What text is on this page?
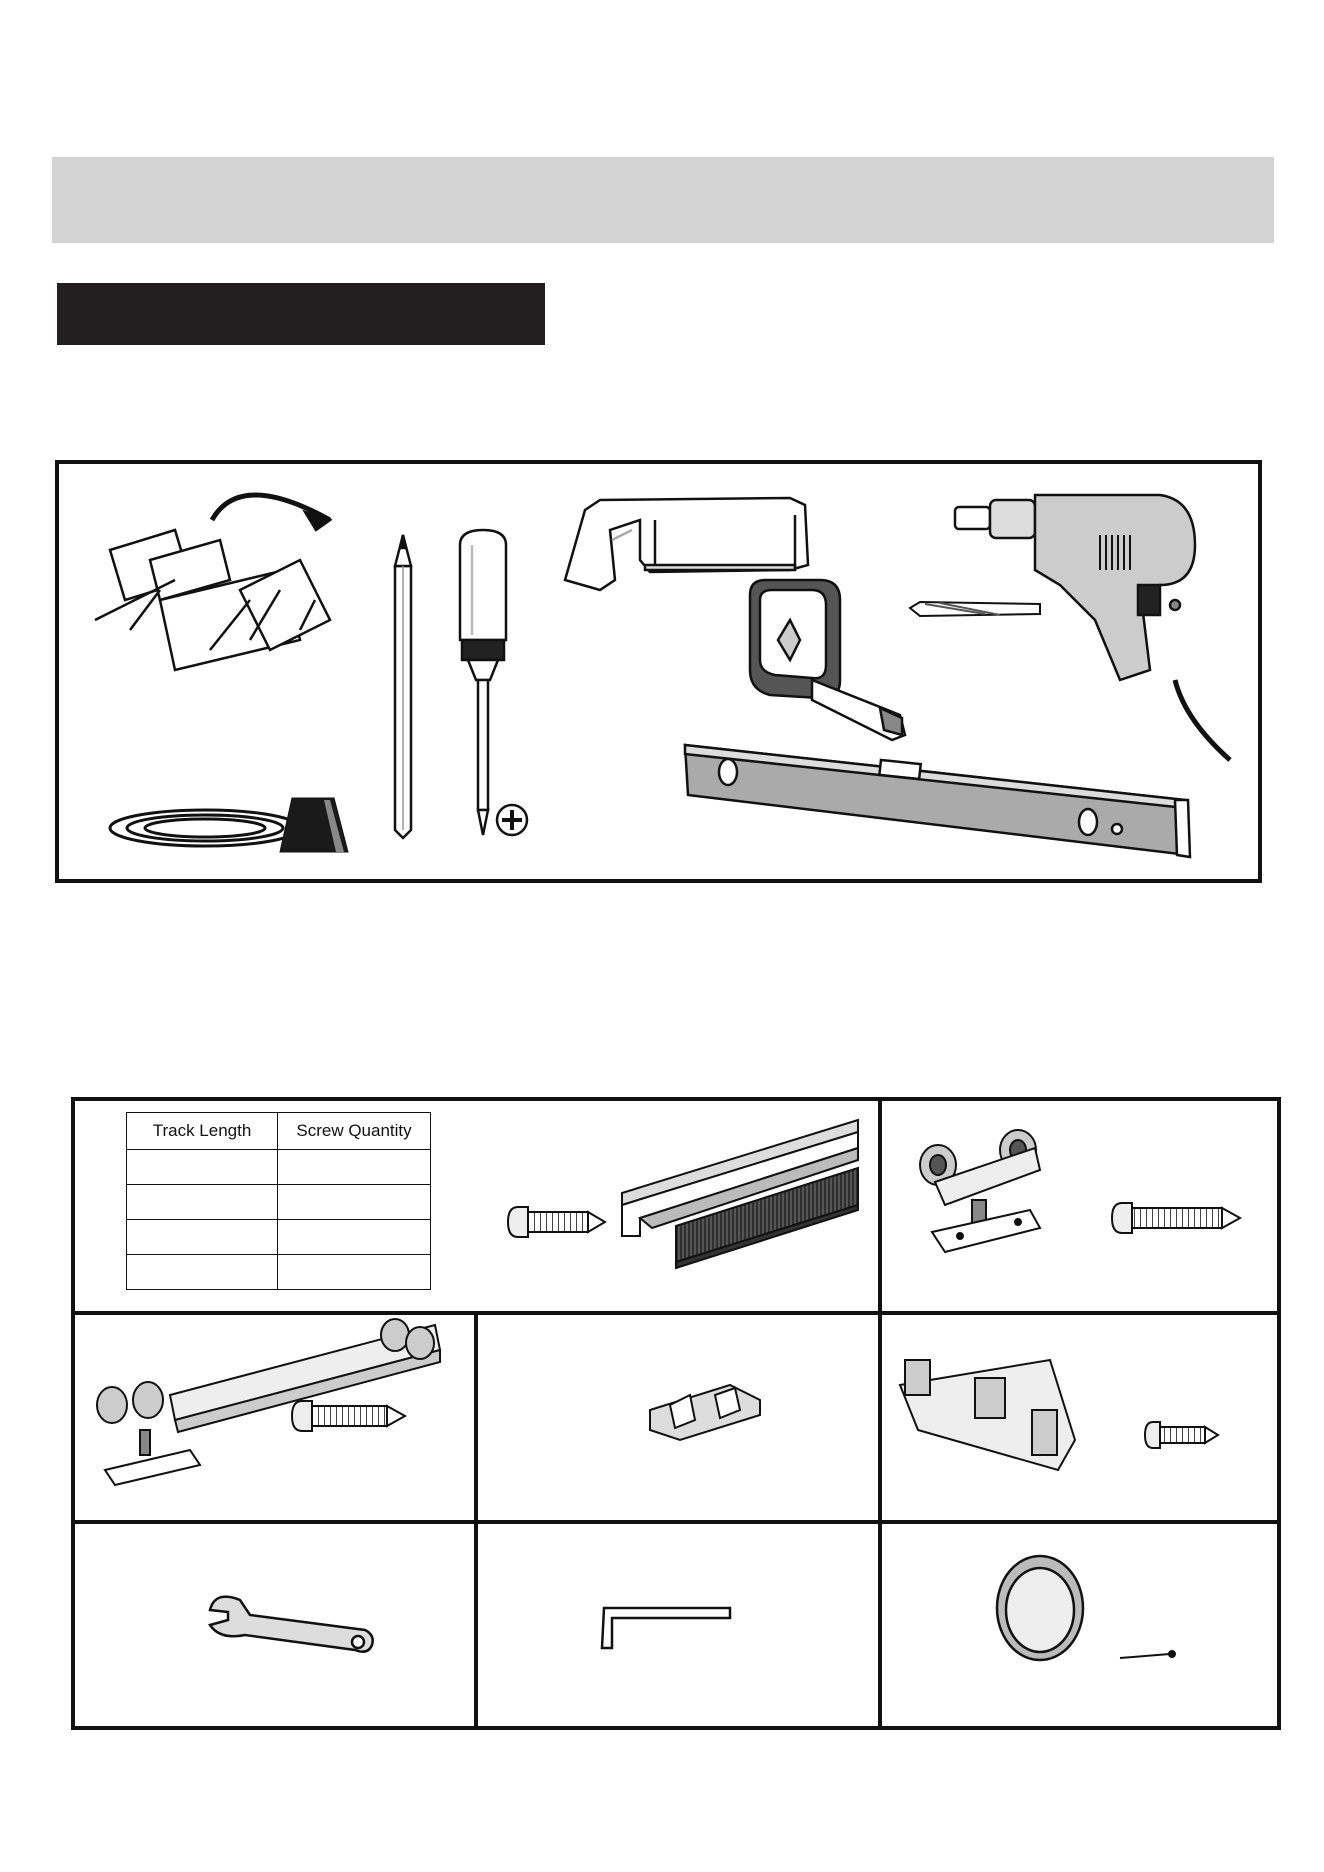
Track Length	Screw Quantity
